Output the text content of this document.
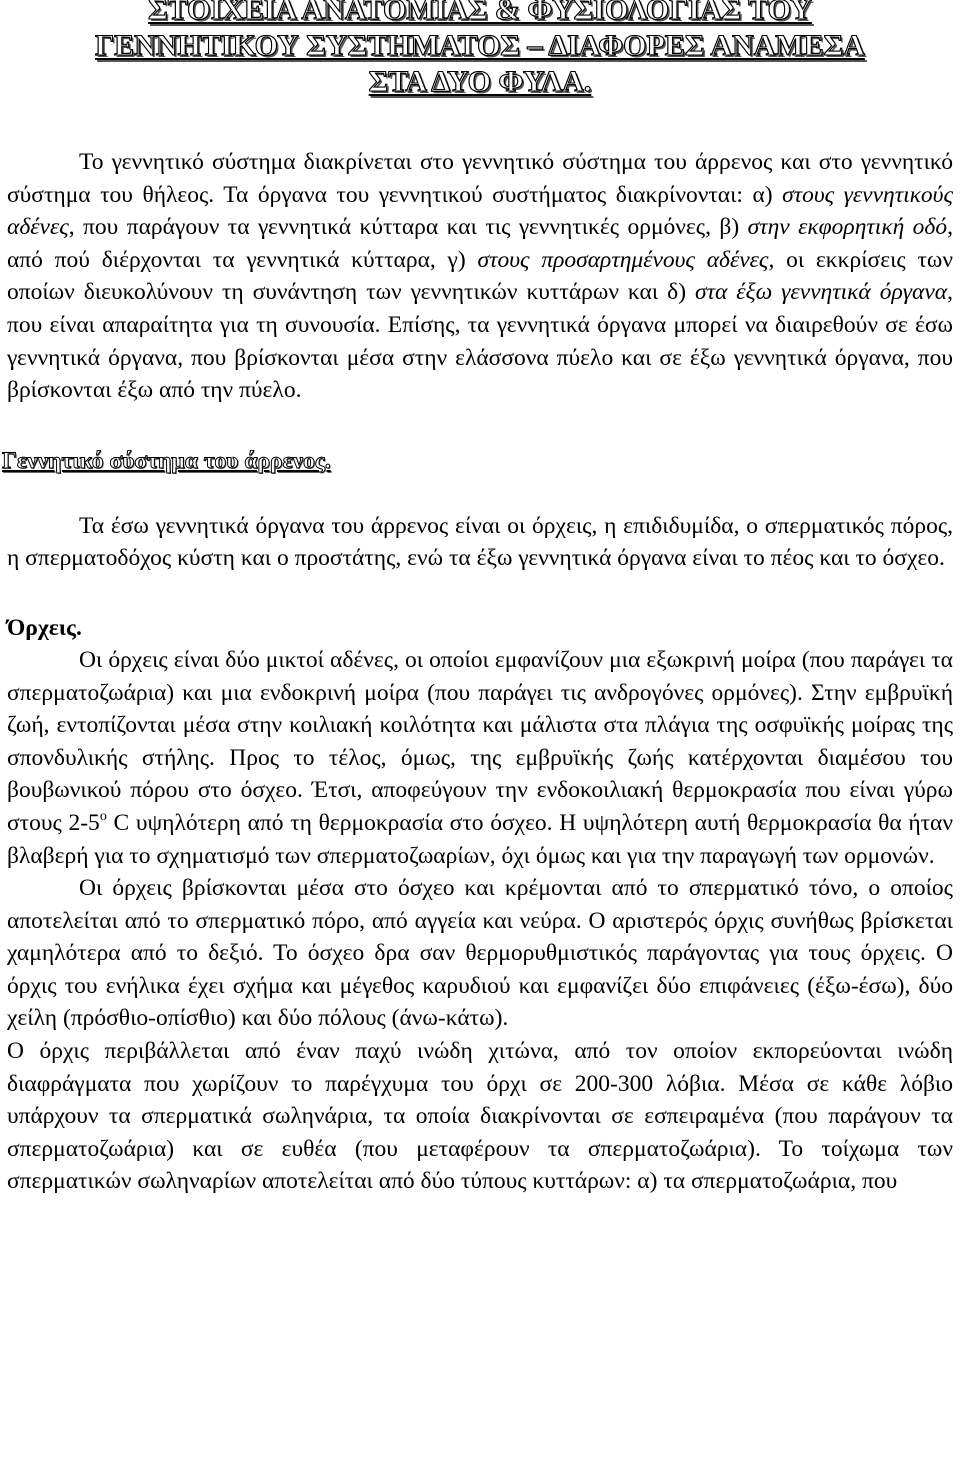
ΣΤΟΙΧΕΙΑ ΑΝΑΤΟΜΙΑΣ & ΦΥΣΙΟΛΟΓΙΑΣ ΤΟΥ
ΓΕΝΝΗΤΙΚΟΥ ΣΥΣΤΗΜΑΤΟΣ – ΔΙΑΦΟΡΕΣ ΑΝΑΜΕΣΑ
ΣΤΑ ΔΥΟ ΦΥΛΑ.

Το γεννητικό σύστημα διακρίνεται στο γεννητικό σύστημα του άρρενος και στο γεννητικό σύστημα του θήλεος. Τα όργανα του γεννητικού συστήματος διακρίνονται: α) στους γεννητικούς αδένες, που παράγουν τα γεννητικά κύτταρα και τις γεννητικές ορμόνες, β) στην εκφορητική οδό, από πού διέρχονται τα γεννητικά κύτταρα, γ) στους προσαρτημένους αδένες, οι εκκρίσεις των οποίων διευκολύνουν τη συνάντηση των γεννητικών κυττάρων και δ) στα έξω γεννητικά όργανα, που είναι απαραίτητα για τη συνουσία. Επίσης, τα γεννητικά όργανα μπορεί να διαιρεθούν σε έσω γεννητικά όργανα, που βρίσκονται μέσα στην ελάσσονα πύελο και σε έξω γεννητικά όργανα, που βρίσκονται έξω από την πύελο.

Γεννητικό σύστημα του άρρενος.

Τα έσω γεννητικά όργανα του άρρενος είναι οι όρχεις, η επιδιδυμίδα, ο σπερματικός πόρος, η σπερματοδόχος κύστη και ο προστάτης, ενώ τα έξω γεννητικά όργανα είναι το πέος και το όσχεο.

Όρχεις.

Οι όρχεις είναι δύο μικτοί αδένες, οι οποίοι εμφανίζουν μια εξωκρινή μοίρα (που παράγει τα σπερματοζωάρια) και μια ενδοκρινή μοίρα (που παράγει τις ανδρογόνες ορμόνες). Στην εμβρυϊκή ζωή, εντοπίζονται μέσα στην κοιλιακή κοιλότητα και μάλιστα στα πλάγια της οσφυϊκής μοίρας της σπονδυλικής στήλης. Προς το τέλος, όμως, της εμβρυϊκής ζωής κατέρχονται διαμέσου του βουβωνικού πόρου στο όσχεο. Έτσι, αποφεύγουν την ενδοκοιλιακή θερμοκρασία που είναι γύρω στους $2-5^o$ C υψηλότερη από τη θερμοκρασία στο όσχεο. Η υψηλότερη αυτή θερμοκρασία θα ήταν βλαβερή για το σχηματισμό των σπερματοζωαρίων, όχι όμως και για την παραγωγή των ορμονών.

Οι όρχεις βρίσκονται μέσα στο όσχεο και κρέμονται από το σπερματικό τόνο, ο οποίος αποτελείται από το σπερματικό πόρο, από αγγεία και νεύρα. Ο αριστερός όρχις συνήθως βρίσκεται χαμηλότερα από το δεξιό. Το όσχεο δρα σαν θερμορυθμιστικός παράγοντας για τους όρχεις. Ο όρχις του ενήλικα έχει σχήμα και μέγεθος καρυδιού και εμφανίζει δύο επιφάνειες (έξω-έσω), δύο χείλη (πρόσθιο-οπίσθιο) και δύο πόλους (άνω-κάτω).

Ο όρχις περιβάλλεται από έναν παχύ ινώδη χιτώνα, από τον οποίον εκπορεύονται ινώδη διαφράγματα που χωρίζουν το παρέγχυμα του όρχι σε 200-300 λόβια. Μέσα σε κάθε λόβιο υπάρχουν τα σπερματικά σωληνάρια, τα οποία διακρίνονται σε εσπειραμένα (που παράγουν τα σπερματοζωάρια) και σε ευθέα (που μεταφέρουν τα σπερματοζωάρια). Το τοίχωμα των σπερματικών σωληναρίων αποτελείται από δύο τύπους κυττάρων: α) τα σπερματοζωάρια, που
